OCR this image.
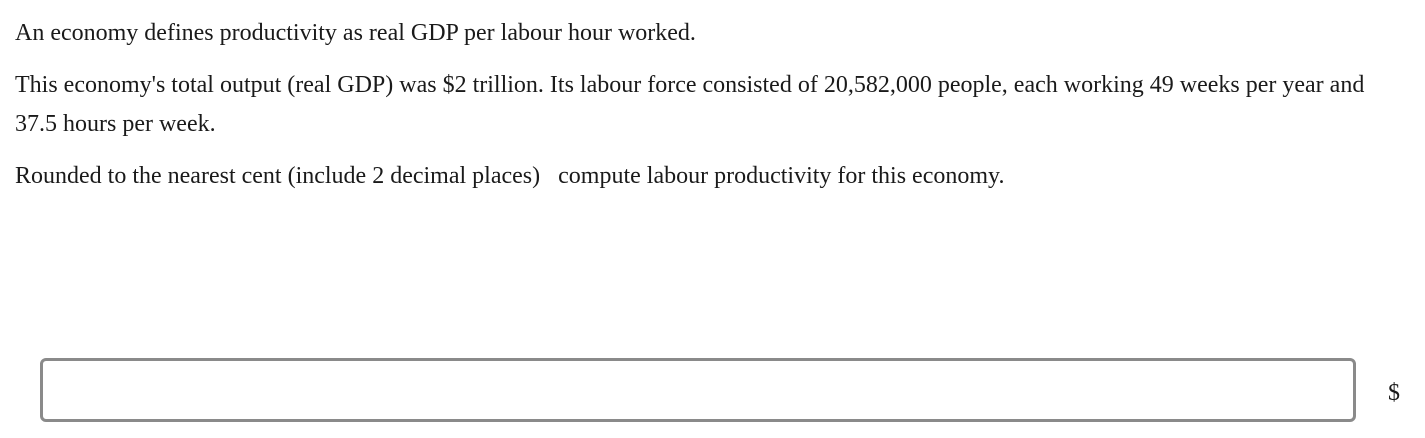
An economy defines productivity as real GDP per labour hour worked.

This economy's total output (real GDP) was $2 trillion. Its labour force consisted of 20,582,000 people, each working 49 weeks per year and 37.5 hours per week.

Rounded to the nearest cent (include 2 decimal places)   compute labour productivity for this economy.

$
